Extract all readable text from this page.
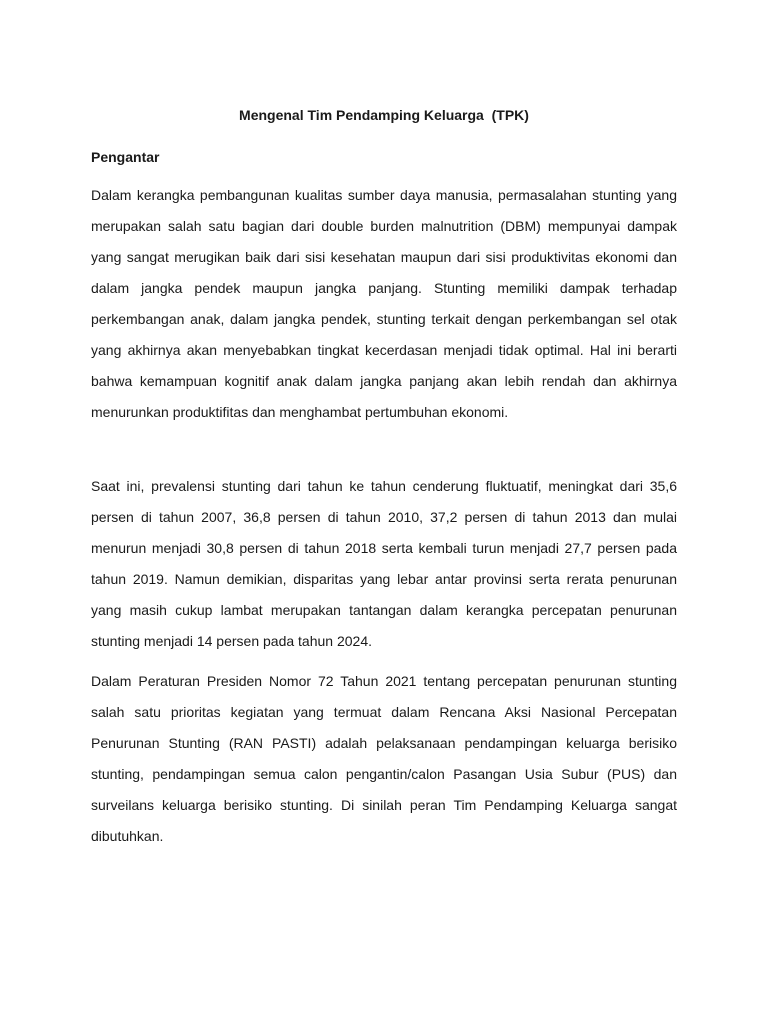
Mengenal Tim Pendamping Keluarga  (TPK)
Pengantar

Dalam kerangka pembangunan kualitas sumber daya manusia, permasalahan stunting yang merupakan salah satu bagian dari double burden malnutrition (DBM) mempunyai dampak yang sangat merugikan baik dari sisi kesehatan maupun dari sisi produktivitas ekonomi dan dalam jangka pendek maupun jangka panjang. Stunting memiliki dampak terhadap perkembangan anak, dalam jangka pendek, stunting terkait dengan perkembangan sel otak yang akhirnya akan menyebabkan tingkat kecerdasan menjadi tidak optimal. Hal ini berarti bahwa kemampuan kognitif anak dalam jangka panjang akan lebih rendah dan akhirnya menurunkan produktifitas dan menghambat pertumbuhan ekonomi.

Saat ini, prevalensi stunting dari tahun ke tahun cenderung fluktuatif, meningkat dari 35,6 persen di tahun 2007, 36,8 persen di tahun 2010, 37,2 persen di tahun 2013 dan mulai menurun menjadi 30,8 persen di tahun 2018 serta kembali turun menjadi 27,7 persen pada tahun 2019. Namun demikian, disparitas yang lebar antar provinsi serta rerata penurunan yang masih cukup lambat merupakan tantangan dalam kerangka percepatan penurunan stunting menjadi 14 persen pada tahun 2024.

Dalam Peraturan Presiden Nomor 72 Tahun 2021 tentang percepatan penurunan stunting salah satu prioritas kegiatan yang termuat dalam Rencana Aksi Nasional Percepatan Penurunan Stunting (RAN PASTI) adalah pelaksanaan pendampingan keluarga berisiko stunting, pendampingan semua calon pengantin/calon Pasangan Usia Subur (PUS) dan surveilans keluarga berisiko stunting. Di sinilah peran Tim Pendamping Keluarga sangat dibutuhkan.
